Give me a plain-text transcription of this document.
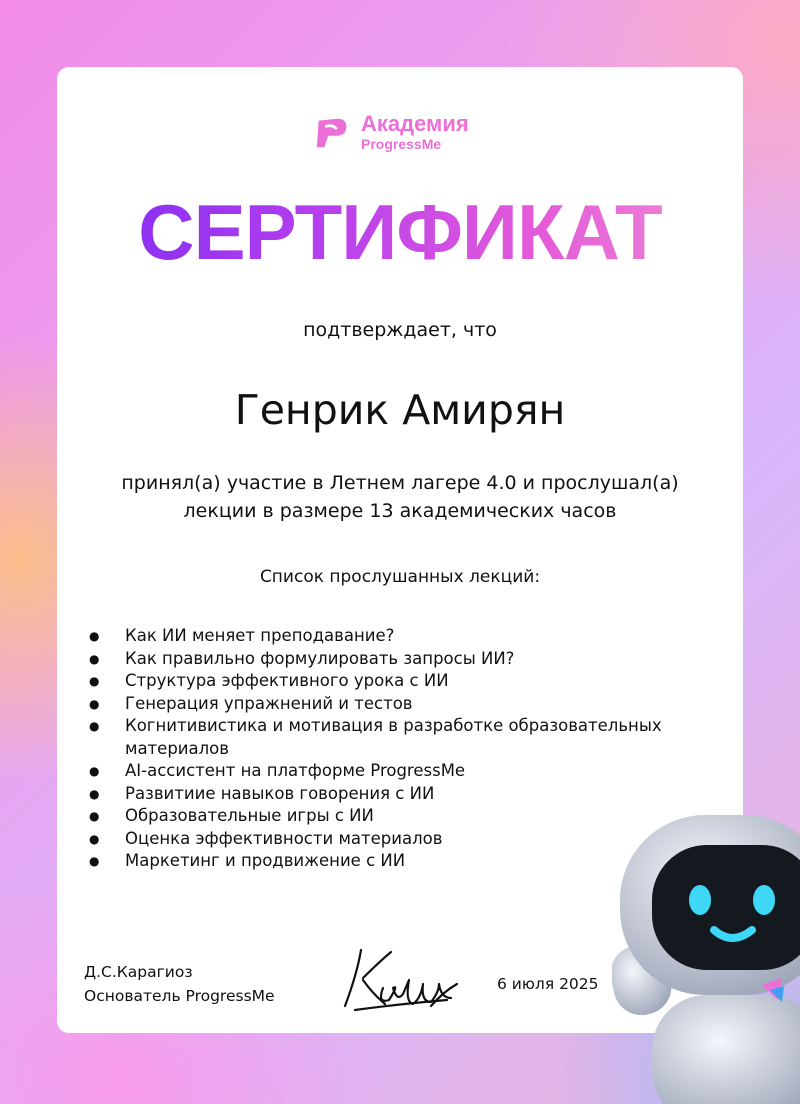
Академия
ProgressMe
СЕРТИФИКАТ
подтверждает, что
Генрик Амирян
принял(а) участие в Летнем лагере 4.0 и прослушал(а)
лекции в размере 13 академических часов
Список прослушанных лекций:
● Как ИИ меняет преподавание?
● Как правильно формулировать запросы ИИ?
● Структура эффективного урока с ИИ
● Генерация упражнений и тестов
● Когнитивистика и мотивация в разработке образовательных материалов
● AI-ассистент на платформе ProgressMe
● Развитиие навыков говорения с ИИ
● Образовательные игры с ИИ
● Оценка эффективности материалов
● Маркетинг и продвижение с ИИ
Д.С.Карагиоз
Основатель ProgressMe
6 июля 2025
